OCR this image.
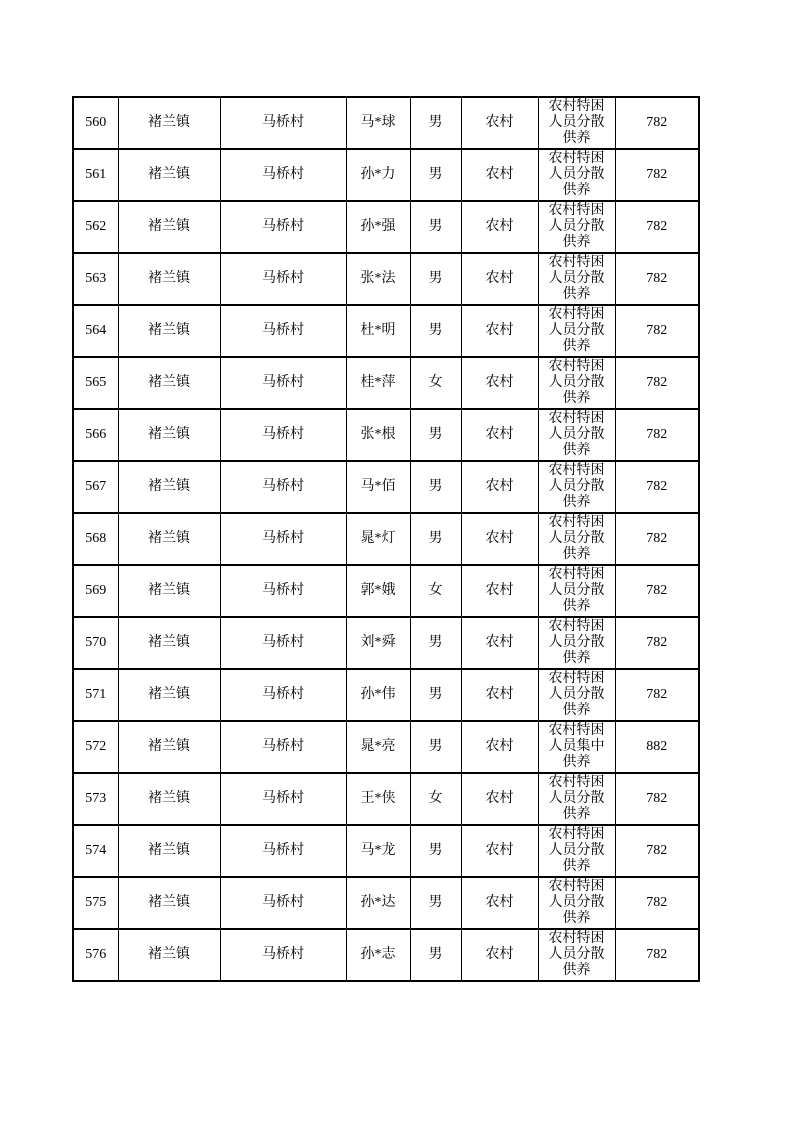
560	褚兰镇	马桥村	马*球	男	农村	农村特困人员分散供养	782
561	褚兰镇	马桥村	孙*力	男	农村	农村特困人员分散供养	782
562	褚兰镇	马桥村	孙*强	男	农村	农村特困人员分散供养	782
563	褚兰镇	马桥村	张*法	男	农村	农村特困人员分散供养	782
564	褚兰镇	马桥村	杜*明	男	农村	农村特困人员分散供养	782
565	褚兰镇	马桥村	桂*萍	女	农村	农村特困人员分散供养	782
566	褚兰镇	马桥村	张*根	男	农村	农村特困人员分散供养	782
567	褚兰镇	马桥村	马*佰	男	农村	农村特困人员分散供养	782
568	褚兰镇	马桥村	晁*灯	男	农村	农村特困人员分散供养	782
569	褚兰镇	马桥村	郭*娥	女	农村	农村特困人员分散供养	782
570	褚兰镇	马桥村	刘*舜	男	农村	农村特困人员分散供养	782
571	褚兰镇	马桥村	孙*伟	男	农村	农村特困人员分散供养	782
572	褚兰镇	马桥村	晁*亮	男	农村	农村特困人员集中供养	882
573	褚兰镇	马桥村	王*侠	女	农村	农村特困人员分散供养	782
574	褚兰镇	马桥村	马*龙	男	农村	农村特困人员分散供养	782
575	褚兰镇	马桥村	孙*达	男	农村	农村特困人员分散供养	782
576	褚兰镇	马桥村	孙*志	男	农村	农村特困人员分散供养	782
